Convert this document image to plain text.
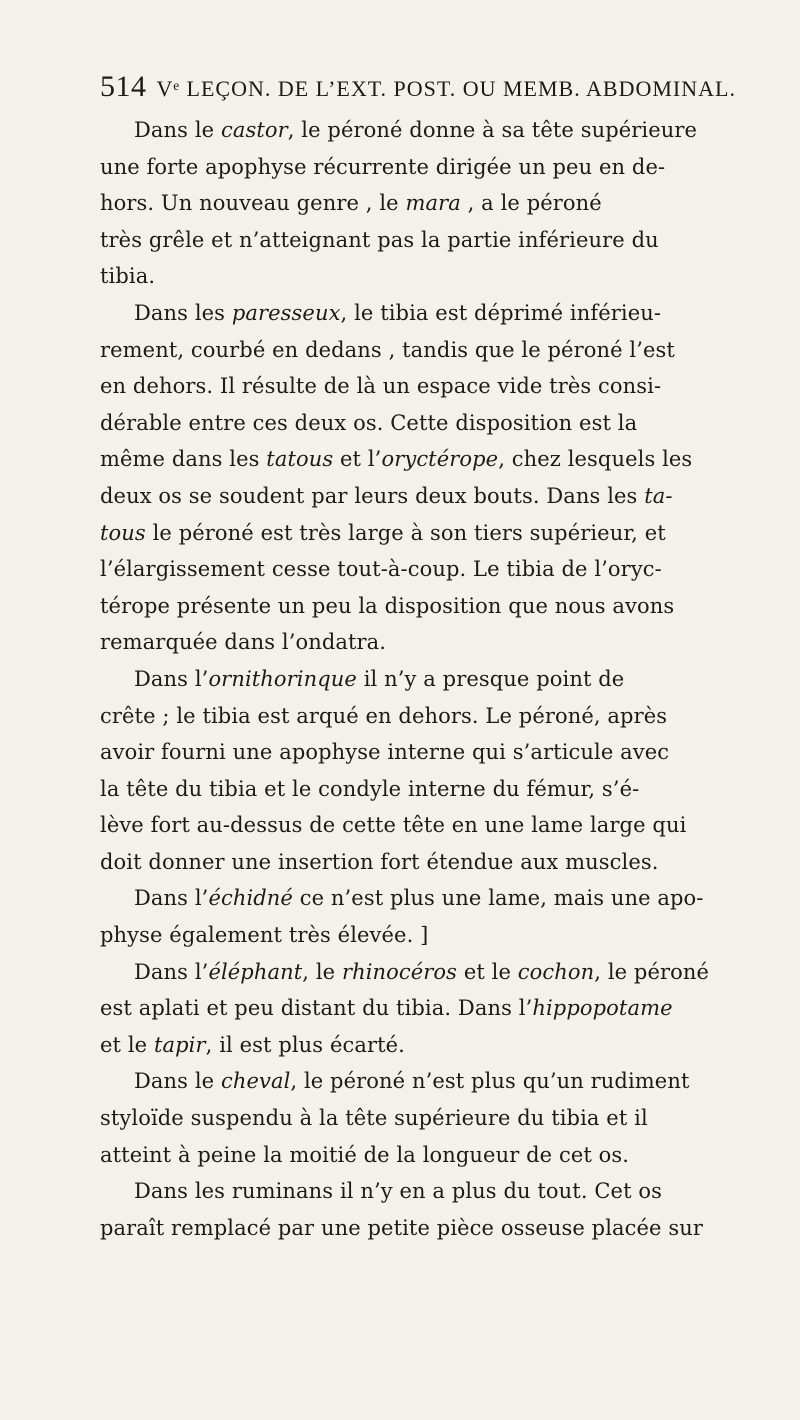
514 Vᵉ LEÇON. DE L’EXT. POST. OU MEMB. ABDOMINAL.
Dans le castor, le péroné donne à sa tête supérieure
une forte apophyse récurrente dirigée un peu en de-
hors. Un nouveau genre , le mara , a le péroné
très grêle et n’atteignant pas la partie inférieure du
tibia.
Dans les paresseux, le tibia est déprimé inférieu-
rement, courbé en dedans , tandis que le péroné l’est
en dehors. Il résulte de là un espace vide très consi-
dérable entre ces deux os. Cette disposition est la
même dans les tatous et l’oryctérope, chez lesquels les
deux os se soudent par leurs deux bouts. Dans les ta-
tous le péroné est très large à son tiers supérieur, et
l’élargissement cesse tout-à-coup. Le tibia de l’oryc-
térope présente un peu la disposition que nous avons
remarquée dans l’ondatra.
Dans l’ornithorinque il n’y a presque point de
crête ; le tibia est arqué en dehors. Le péroné, après
avoir fourni une apophyse interne qui s’articule avec
la tête du tibia et le condyle interne du fémur, s’é-
lève fort au-dessus de cette tête en une lame large qui
doit donner une insertion fort étendue aux muscles.
Dans l’échidné ce n’est plus une lame, mais une apo-
physe également très élevée. ]
Dans l’éléphant, le rhinocéros et le cochon, le péroné
est aplati et peu distant du tibia. Dans l’hippopotame
et le tapir, il est plus écarté.
Dans le cheval, le péroné n’est plus qu’un rudiment
styloïde suspendu à la tête supérieure du tibia et il
atteint à peine la moitié de la longueur de cet os.
Dans les ruminans il n’y en a plus du tout. Cet os
paraît remplacé par une petite pièce osseuse placée sur
